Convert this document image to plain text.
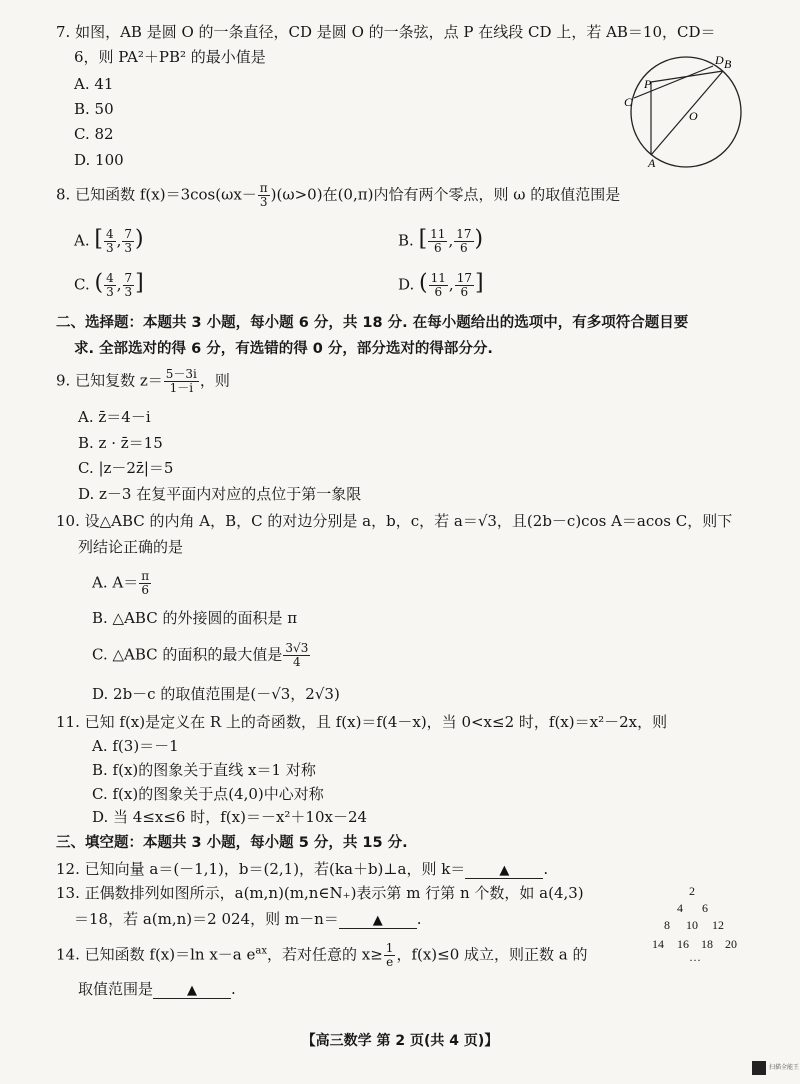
7. 如图，AB 是圆 O 的一条直径，CD 是圆 O 的一条弦，点 P 在线段 CD 上，若 AB＝10，CD＝
6，则 PA²＋PB² 的最小值是
A. 41
B. 50
C. 82
D. 100
D B
P
C
O
A
8. 已知函数 $f(x)=3\cos(\omega x- \frac{\pi}{3} )(\omega>0)$在(0,π)内恰有两个零点，则 ω 的取值范围是
A. [ $\frac{4}{3}$ , $\frac{7}{3}$ )	B. [ $\frac{11}{6}$ , $\frac{17}{6}$ )
C. ( $\frac{4}{3}$ , $\frac{7}{3}$ ]	D. ( $\frac{11}{6}$ , $\frac{17}{6}$ ]
二、选择题：本题共 3 小题，每小题 6 分，共 18 分. 在每小题给出的选项中，有多项符合题目要
求. 全部选对的得 6 分，有选错的得 0 分，部分选对的得部分分.
9. 已知复数 $z= \frac{5-3i}{1-i}$ ，则
A. z̄＝4－i
B. z · z̄＝15
C. |z－2z̄|＝5
D. z－3 在复平面内对应的点位于第一象限
10. 设△ABC 的内角 A，B，C 的对边分别是 a，b，c，若 a＝√3，且(2b－c)cos A＝acos C，则下
列结论正确的是
A. $A= \frac{\pi}{6}$
B. △ABC 的外接圆的面积是 π
C. △ABC 的面积的最大值是 $\frac{3√3}{4}$
D. 2b－c 的取值范围是(－√3，2√3)
11. 已知 f(x)是定义在 R 上的奇函数，且 f(x)＝f(4－x)，当 0<x≤2 时，f(x)＝x²－2x，则
A. f(3)＝－1
B. f(x)的图象关于直线 x＝1 对称
C. f(x)的图象关于点(4,0)中心对称
D. 当 4≤x≤6 时，f(x)＝－x²＋10x－24
三、填空题：本题共 3 小题，每小题 5 分，共 15 分.
12. 已知向量 a＝(－1,1)，b＝(2,1)，若(ka＋b)⊥a，则 k＝	▲ .
13. 正偶数排列如图所示，a(m,n)(m,n∈N₊)表示第 m 行第 n 个数，如 a(4,3)
＝18，若 a(m,n)＝2 024，则 m－n＝	▲ .
2
4 6
8 10 12
14 16 18 20
…
14. 已知函数 f(x)＝ln x－a $e^{ax}$，若对任意的 $x\ge \frac{1}{e}$ ，f(x)≤0 成立，则正数 a 的
取值范围是	▲ .
【高三数学 第 2 页(共 4 页)】
扫描全能王
